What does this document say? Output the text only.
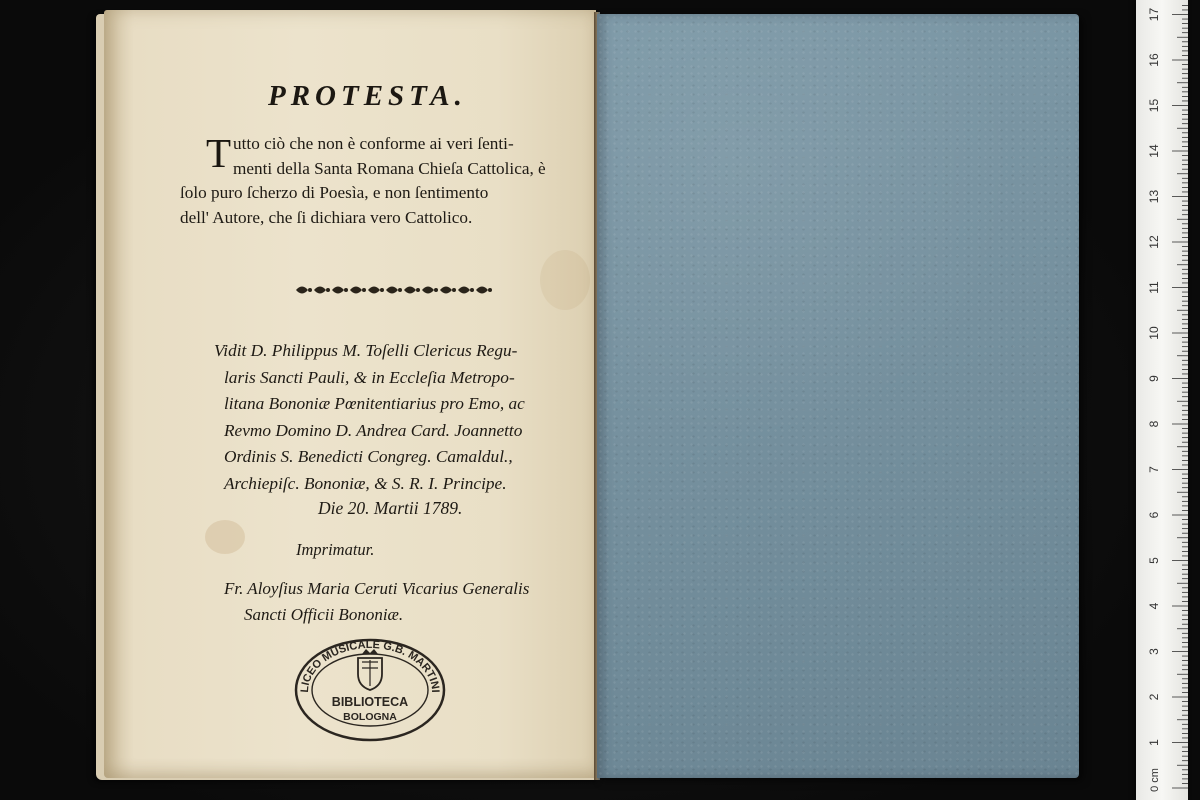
PROTESTA.
T utto ciò che non è conforme ai veri ſenti-
menti della Santa Romana Chieſa Cattolica, è
ſolo puro ſcherzo di Poesìa, e non ſentimento
dell' Autore, che ſi dichiara vero Cattolico.
Vidit D. Philippus M. Toſelli Clericus Regu-
laris Sancti Pauli, & in Eccleſia Metropo-
litana Bononiæ Pœnitentiarius pro Emo, ac
Revmo Domino D. Andrea Card. Joannetto
Ordinis S. Benedicti Congreg. Camaldul.,
Archiepiſc. Bononiæ, & S. R. I. Principe.
Die 20. Martii 1789.
Imprimatur.
Fr. Aloyſius Maria Ceruti Vicarius Generalis
Sancti Officii Bononiæ.
LICEO MUSICALE G.B. MARTINI
BIBLIOTECA
BOLOGNA
1
2
3
4
5
6
7
8
9
10
11
12
13
14
15
16
17
0 cm
